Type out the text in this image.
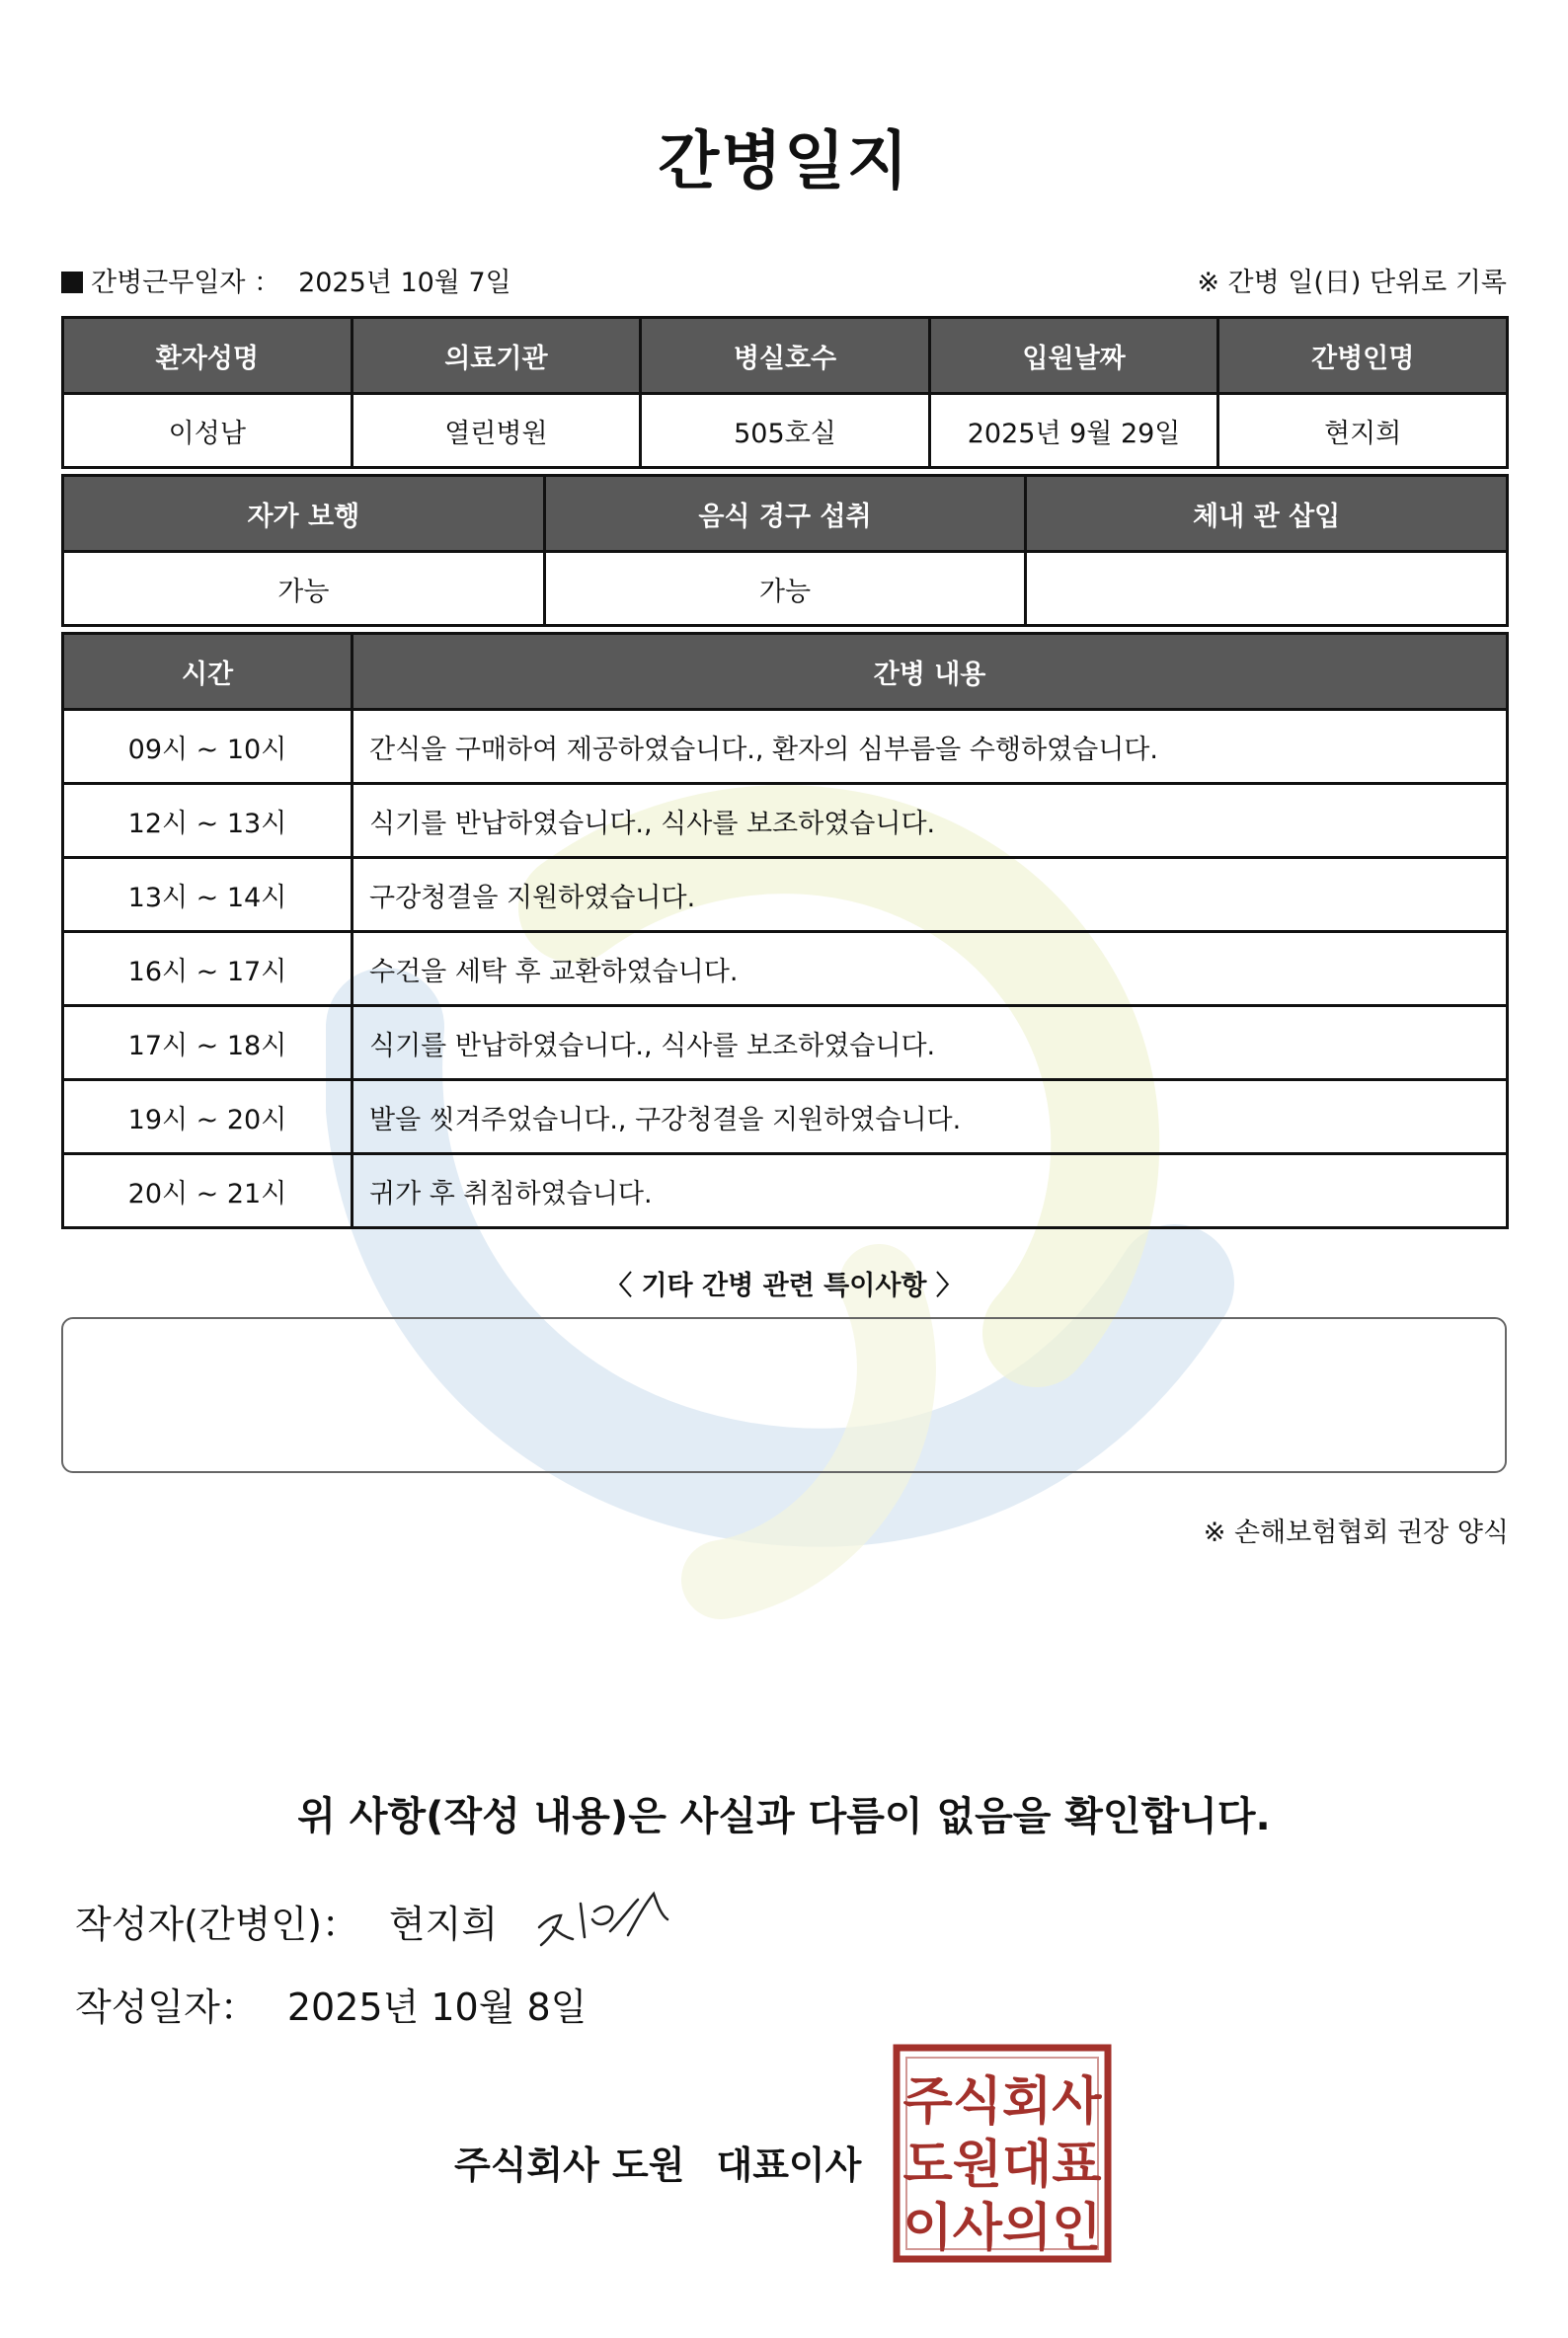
간병일지
간병근무일자 ： 2025년 10월 7일	※ 간병 일(日) 단위로 기록
환자성명	의료기관	병실호수	입원날짜	간병인명
이성남	열린병원	505호실	2025년 9월 29일	현지희
자가 보행	음식 경구 섭취	체내 관 삽입
가능	가능	
시간	간병 내용
09시 ~ 10시	간식을 구매하여 제공하였습니다., 환자의 심부름을 수행하였습니다.
12시 ~ 13시	식기를 반납하였습니다., 식사를 보조하였습니다.
13시 ~ 14시	구강청결을 지원하였습니다.
16시 ~ 17시	수건을 세탁 후 교환하였습니다.
17시 ~ 18시	식기를 반납하였습니다., 식사를 보조하였습니다.
19시 ~ 20시	발을 씻겨주었습니다., 구강청결을 지원하였습니다.
20시 ~ 21시	귀가 후 취침하였습니다.
〈 기타 간병 관련 특이사항 〉
※ 손해보험협회 권장 양식
위 사항(작성 내용)은 사실과 다름이 없음을 확인합니다.
작성자(간병인)： 현지희
작성일자： 2025년 10월 8일
주식회사 도원 대표이사
주식회사
도원대표
이사의인
